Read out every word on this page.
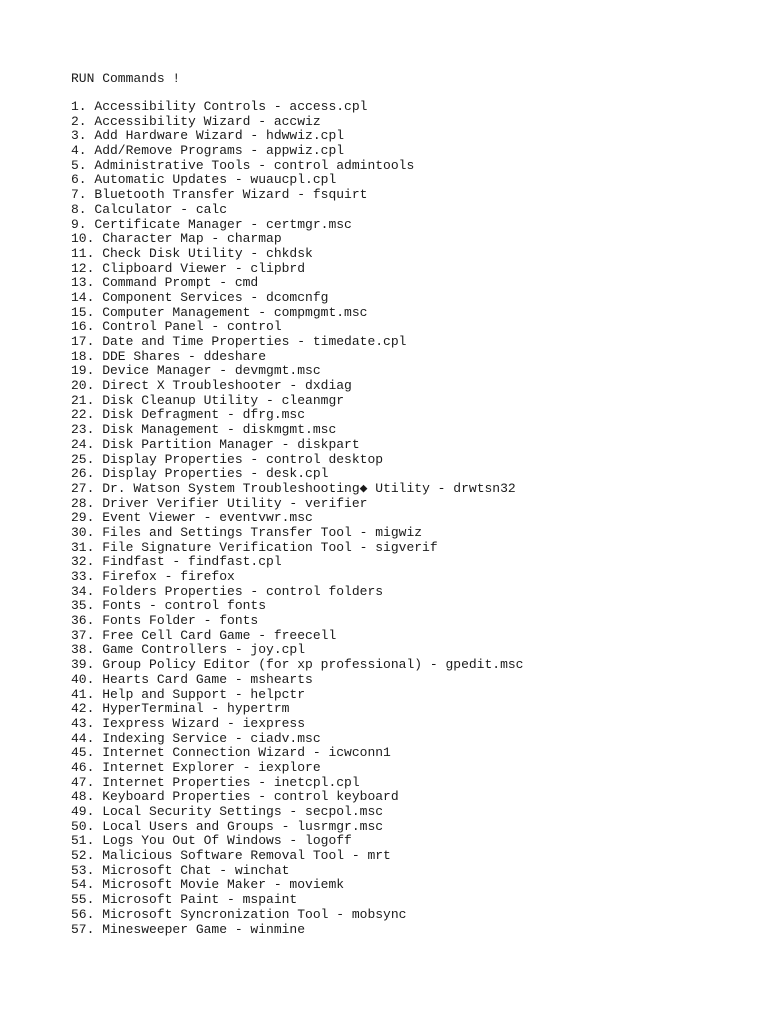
RUN Commands !
1. Accessibility Controls - access.cpl
2. Accessibility Wizard - accwiz
3. Add Hardware Wizard - hdwwiz.cpl
4. Add/Remove Programs - appwiz.cpl
5. Administrative Tools - control admintools
6. Automatic Updates - wuaucpl.cpl
7. Bluetooth Transfer Wizard - fsquirt
8. Calculator - calc
9. Certificate Manager - certmgr.msc
10. Character Map - charmap
11. Check Disk Utility - chkdsk
12. Clipboard Viewer - clipbrd
13. Command Prompt - cmd
14. Component Services - dcomcnfg
15. Computer Management - compmgmt.msc
16. Control Panel - control
17. Date and Time Properties - timedate.cpl
18. DDE Shares - ddeshare
19. Device Manager - devmgmt.msc
20. Direct X Troubleshooter - dxdiag
21. Disk Cleanup Utility - cleanmgr
22. Disk Defragment - dfrg.msc
23. Disk Management - diskmgmt.msc
24. Disk Partition Manager - diskpart
25. Display Properties - control desktop
26. Display Properties - desk.cpl
27. Dr. Watson System Troubleshooting◆ Utility - drwtsn32
28. Driver Verifier Utility - verifier
29. Event Viewer - eventvwr.msc
30. Files and Settings Transfer Tool - migwiz
31. File Signature Verification Tool - sigverif
32. Findfast - findfast.cpl
33. Firefox - firefox
34. Folders Properties - control folders
35. Fonts - control fonts
36. Fonts Folder - fonts
37. Free Cell Card Game - freecell
38. Game Controllers - joy.cpl
39. Group Policy Editor (for xp professional) - gpedit.msc
40. Hearts Card Game - mshearts
41. Help and Support - helpctr
42. HyperTerminal - hypertrm
43. Iexpress Wizard - iexpress
44. Indexing Service - ciadv.msc
45. Internet Connection Wizard - icwconn1
46. Internet Explorer - iexplore
47. Internet Properties - inetcpl.cpl
48. Keyboard Properties - control keyboard
49. Local Security Settings - secpol.msc
50. Local Users and Groups - lusrmgr.msc
51. Logs You Out Of Windows - logoff
52. Malicious Software Removal Tool - mrt
53. Microsoft Chat - winchat
54. Microsoft Movie Maker - moviemk
55. Microsoft Paint - mspaint
56. Microsoft Syncronization Tool - mobsync
57. Minesweeper Game - winmine
